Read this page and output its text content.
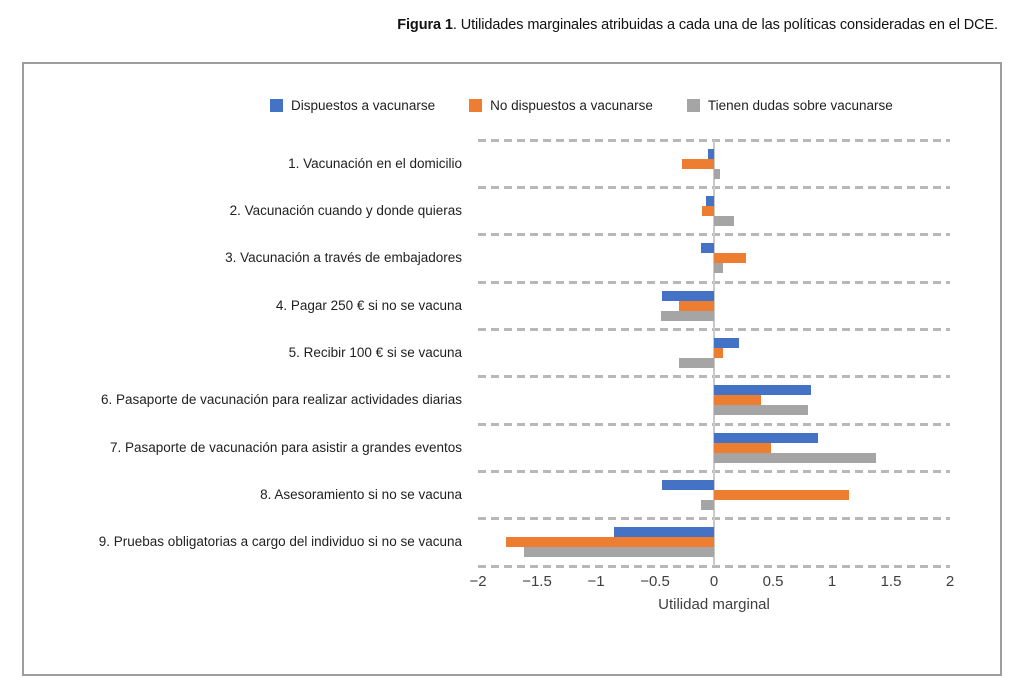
Figura 1. Utilidades marginales atribuidas a cada una de las políticas consideradas en el DCE.
Dispuestos a vacunarse	No dispuestos a vacunarse	Tienen dudas sobre vacunarse
Utilidad marginal
1. Vacunación en el domicilio
2. Vacunación cuando y donde quieras
3. Vacunación a través de embajadores
4. Pagar 250 € si no se vacuna
5. Recibir 100 € si se vacuna
6. Pasaporte de vacunación para realizar actividades diarias
7. Pasaporte de vacunación para asistir a grandes eventos
8. Asesoramiento si no se vacuna
9. Pruebas obligatorias a cargo del individuo si no se vacuna
−2	−1.5	−1	−0.5	0	0.5	1	1.5	2
